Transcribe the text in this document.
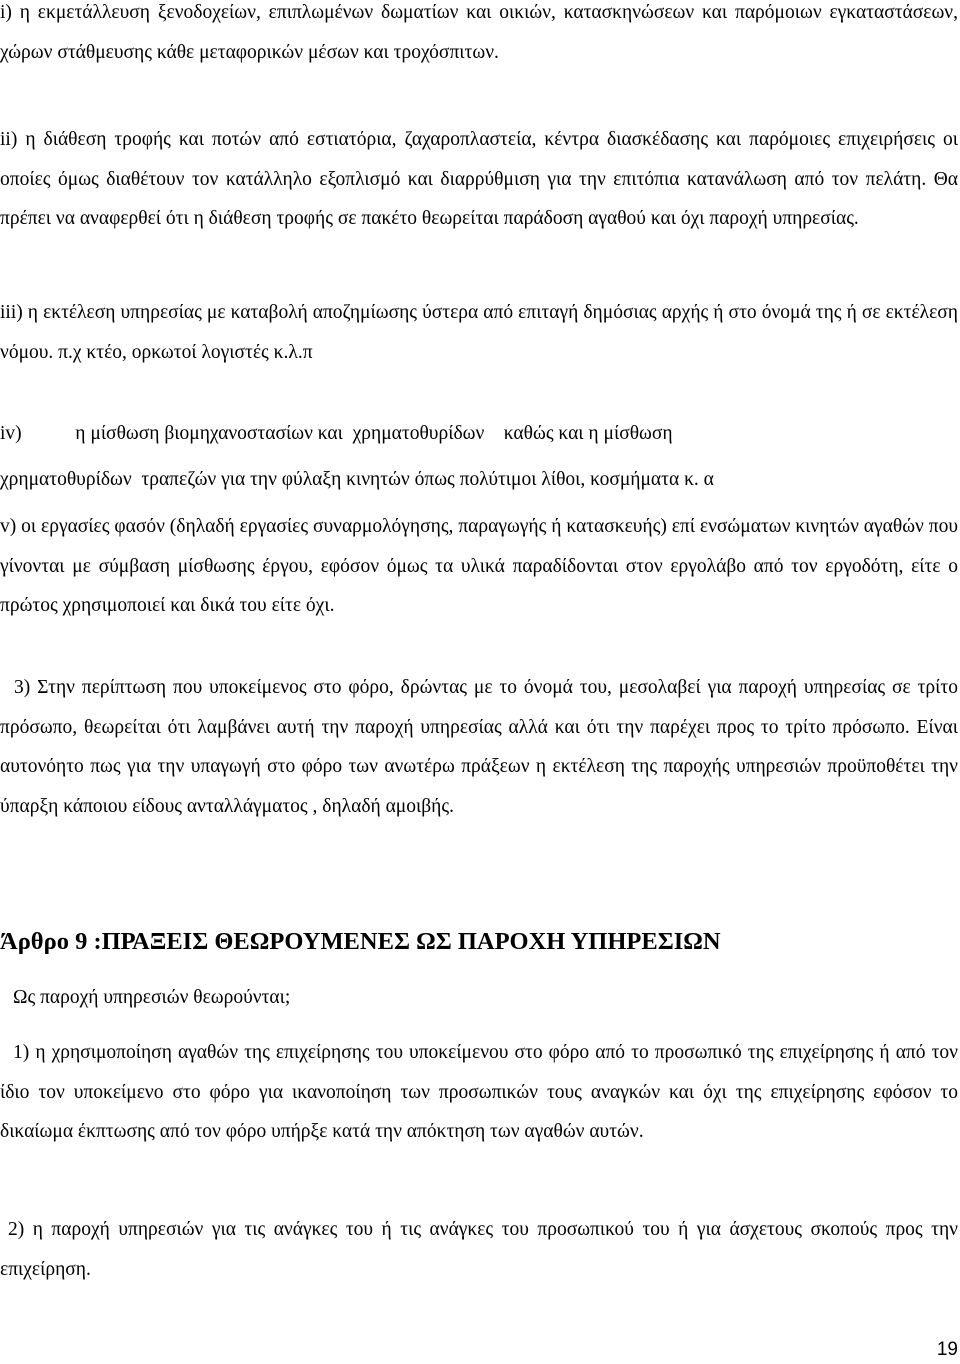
i) η εκμετάλλευση ξενοδοχείων, επιπλωμένων δωματίων και οικιών, κατασκηνώσεων και παρόμοιων εγκαταστάσεων, χώρων στάθμευσης κάθε μεταφορικών μέσων και τροχόσπιτων.

ii) η διάθεση τροφής και ποτών από εστιατόρια, ζαχαροπλαστεία, κέντρα διασκέδασης και παρόμοιες επιχειρήσεις οι οποίες όμως διαθέτουν τον κατάλληλο εξοπλισμό και διαρρύθμιση για την επιτόπια κατανάλωση από τον πελάτη. Θα πρέπει να αναφερθεί ότι η διάθεση τροφής σε πακέτο θεωρείται παράδοση αγαθού και όχι παροχή υπηρεσίας.

iii) η εκτέλεση υπηρεσίας με καταβολή αποζημίωσης ύστερα από επιταγή δημόσιας αρχής ή στο όνομά της ή σε εκτέλεση νόμου. π.χ κτέο, ορκωτοί λογιστές κ.λ.π

iv)           η μίσθωση βιομηχανοστασίων και  χρηματοθυρίδων    καθώς και η μίσθωση

χρηματοθυρίδων  τραπεζών για την φύλαξη κινητών όπως πολύτιμοι λίθοι, κοσμήματα κ. α

v) οι εργασίες φασόν (δηλαδή εργασίες συναρμολόγησης, παραγωγής ή κατασκευής) επί ενσώματων κινητών αγαθών που γίνονται με σύμβαση μίσθωσης έργου, εφόσον όμως τα υλικά παραδίδονται στον εργολάβο από τον εργοδότη, είτε ο πρώτος χρησιμοποιεί και δικά του είτε όχι.

3) Στην περίπτωση που υποκείμενος στο φόρο, δρώντας με το όνομά του, μεσολαβεί για παροχή υπηρεσίας σε τρίτο πρόσωπο, θεωρείται ότι λαμβάνει αυτή την παροχή υπηρεσίας αλλά και ότι την παρέχει προς το τρίτο πρόσωπο. Είναι αυτονόητο πως για την υπαγωγή στο φόρο των ανωτέρω πράξεων η εκτέλεση της παροχής υπηρεσιών προϋποθέτει την ύπαρξη κάποιου είδους ανταλλάγματος , δηλαδή αμοιβής.

Άρθρο 9 :ΠΡΑΞΕΙΣ ΘΕΩΡΟΥΜΕΝΕΣ ΩΣ ΠΑΡΟΧΗ ΥΠΗΡΕΣΙΩΝ

Ως παροχή υπηρεσιών θεωρούνται;

1) η χρησιμοποίηση αγαθών της επιχείρησης του υποκείμενου στο φόρο από το προσωπικό της επιχείρησης ή από τον ίδιο τον υποκείμενο στο φόρο για ικανοποίηση των προσωπικών τους αναγκών και όχι της επιχείρησης εφόσον το δικαίωμα έκπτωσης από τον φόρο υπήρξε κατά την απόκτηση των αγαθών αυτών.

2) η παροχή υπηρεσιών για τις ανάγκες του ή τις ανάγκες του προσωπικού του ή για άσχετους σκοπούς προς την επιχείρηση.

19
